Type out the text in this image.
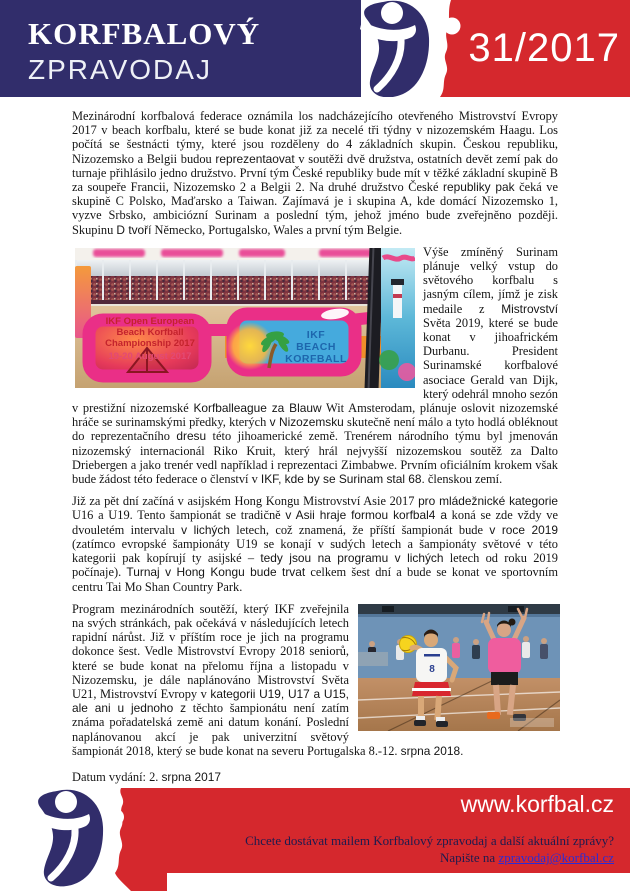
KORFBALOVÝ
ZPRAVODAJ	31/2017

Mezinárodní korfbalová federace oznámila los nadcházejícího otevřeného Mistrovství Evropy 2017 v beach korfbalu, které se bude konat již za necelé tři týdny v nizozemském Haagu. Los počítá se šestnácti týmy, které jsou rozděleny do 4 základních skupin. Českou republiku, Nizozemsko a Belgii budou reprezentaovat v soutěži dvě družstva, ostatních devět zemí pak do turnaje přihlásilo jedno družstvo. První tým České republiky bude mít v těžké základní skupině B za soupeře Francii, Nizozemsko 2 a Belgii 2. Na druhé družstvo České republiky pak čeká ve skupině C Polsko, Maďarsko a Taiwan. Zajímavá je i skupina A, kde domácí Nizozemsko 1, vyzve Srbsko, ambiciózní Surinam a poslední tým, jehož jméno bude zveřejněno později. Skupinu D tvoří Německo, Portugalsko, Wales a první tým Belgie.

IKF
BEACH
KORFBALL
IKF Open European
Beach Korfball
Championship 2017
19-20 August 2017

Výše zmíněný Surinam plánuje velký vstup do světového korfbalu s jasným cílem, jímž je zisk medaile z Mistrovství Světa 2019, které se bude konat v jihoafrickém Durbanu. President Surinamské korfbalové asociace Gerald van Dijk, který odehrál mnoho sezón v prestižní nizozemské Korfballeague za Blauw Wit Amsterodam, plánuje oslovit nizozemské hráče se surinamskými předky, kterých v Nizozemsku skutečně není málo a tyto hodlá obléknout do reprezentačního dresu této jihoamerické země. Trenérem národního týmu byl jmenován nizozemský internacionál Riko Kruit, který hrál nejvyšší nizozemskou soutěž za Dalto Driebergen a jako trenér vedl například i reprezentaci Zimbabwe. Prvním oficiálním krokem však bude žádost této federace o členství v IKF, kde by se Surinam stal 68. členskou zemí.

Již za pět dní začíná v asijském Hong Kongu Mistrovství Asie 2017 pro mládežnické kategorie U16 a U19. Tento šampionát se tradičně v Asii hraje formou korfbal4 a koná se zde vždy ve dvouletém intervalu v lichých letech, což znamená, že příští šampionát bude v roce 2019 (zatímco evropské šampionáty U19 se konají v sudých letech a šampionáty světové v této kategorii pak kopírují ty asijské – tedy jsou na programu v lichých letech od roku 2019 počínaje). Turnaj v Hong Kongu bude trvat celkem šest dní a bude se konat ve sportovním centru Tai Mo Shan Country Park.

8

Program mezinárodních soutěží, který IKF zveřejnila na svých stránkách, pak očekává v následujících letech rapidní nárůst. Již v příštím roce je jich na programu dokonce šest. Vedle Mistrovství Evropy 2018 seniorů, které se bude konat na přelomu října a listopadu v Nizozemsku, je dále naplánováno Mistrovství Světa U21, Mistrovství Evropy v kategorii U19, U17 a U15, ale ani u jednoho z těchto šampionátu není zatím známa pořadatelská země ani datum konání. Poslední naplánovanou akcí je pak univerzitní světový šampionát 2018, který se bude konat na severu Portugalska 8.-12. srpna 2018.

Datum vydání: 2. srpna 2017
www.korfbal.cz
Chcete dostávat mailem Korfbalový zpravodaj a další aktuální zprávy?
Napište na zpravodaj@korfbal.cz
